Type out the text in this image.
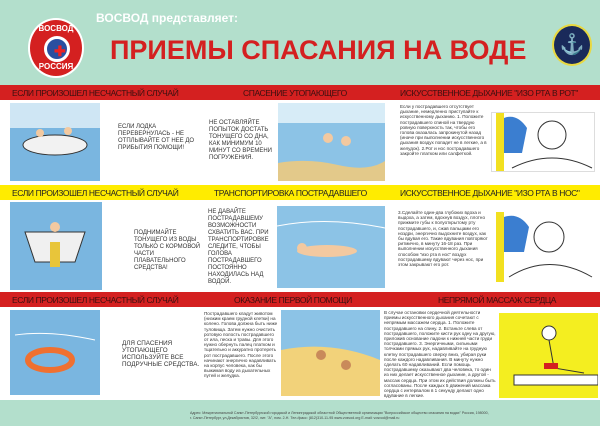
ВОСВОД
✚
РОССИЯ
ВОСВОД представляет:
ПРИЕМЫ СПАСАНИЯ НА ВОДЕ	⚓
ЕСЛИ ПРОИЗОШЕЛ НЕСЧАСТНЫЙ СЛУЧАЙ	СПАСЕНИЕ УТОПАЮЩЕГО	ИСКУССТВЕННОЕ ДЫХАНИЕ "ИЗО РТА В РОТ"
ЕСЛИ ПРОИЗОШЕЛ НЕСЧАСТНЫЙ СЛУЧАЙ	ТРАНСПОРТИРОВКА ПОСТРАДАВШЕГО	ИСКУССТВЕННОЕ ДЫХАНИЕ "ИЗО РТА В НОС"
ЕСЛИ ПРОИЗОШЕЛ НЕСЧАСТНЫЙ СЛУЧАЙ	ОКАЗАНИЕ ПЕРВОЙ ПОМОЩИ	НЕПРЯМОЙ МАССАЖ СЕРДЦА
ЕСЛИ ЛОДКА ПЕРЕВЕРНУЛАСЬ - НЕ ОТПЛЫВАЙТЕ ОТ НЕЕ ДО ПРИБЫТИЯ ПОМОЩИ!
НЕ ОСТАВЛЯЙТЕ ПОПЫТОК ДОСТАТЬ ТОНУЩЕГО СО ДНА, КАК МИНИМУМ 10 МИНУТ СО ВРЕМЕНИ ПОГРУЖЕНИЯ.
Если у пострадавшего отсутствует дыхание, немедленно приступайте к искусственному дыханию. 1. Положите пострадавшего спиной на твердую ровную поверхность так, чтобы его голова оказалась запрокинутой назад (иначе при выполнении искусственного дыхания воздух попадет не в легкие, а в желудок). 2.Рот и нос пострадавшего закройте платком или салфеткой.
ПОДНИМАЙТЕ ТОНУЩЕГО ИЗ ВОДЫ ТОЛЬКО С КОРМОВОЙ ЧАСТИ ПЛАВАТЕЛЬНОГО СРЕДСТВА!
НЕ ДАВАЙТЕ ПОСТРАДАВШЕМУ ВОЗМОЖНОСТИ СХВАТИТЬ ВАС. ПРИ ТРАНСПОРТИРОВКЕ СЛЕДИТЕ, ЧТОБЫ ГОЛОВА ПОСТРАДАВШЕГО ПОСТОЯННО НАХОДИЛАСЬ НАД ВОДОЙ.
3.Сделайте один-два глубоких вдоха и выдоха, а затем, вдохнув воздух, плотно прижмите губы к полуоткрытому рту пострадавшего, и, сжав пальцами его ноздри, энергично выдохните воздух, как бы вдувая его. Такие вдувания повторяют ритмично, в минуту 16-18 раз. При выполнении искусственного дыхания способом "изо рта в нос" воздух пострадавшему вдувают через нос, при этом закрывают его рот.
ДЛЯ СПАСЕНИЯ УТОПАЮЩЕГО ИСПОЛЬЗУЙТЕ ВСЕ ПОДРУЧНЫЕ СРЕДСТВА.
Пострадавшего кладут животом (низким краем грудной клетки) на колено. Голова должна быть ниже туловища. Затем нужно очистить ротовую полость пострадавшего от ила, песка и травы. Для этого нужно обернуть палец платком и тщательно и аккуратно протереть рот пострадавшего. После этого начинают энергично надавливать на корпус человека, как бы выжимая воду из дыхательных путей и желудка.
В случае остановки сердечной деятельности приемы искусственного дыхания сочетают с непрямым массажем сердца. 1. Положите пострадавшего на спину. 2. Встаньте слева от пострадавшего, положите кисти рук одну на другую, приложив основание ладони к нижней части груди пострадавшего. 3. Энергичными, сильными толчками прямых рук, надавливайте на грудную клетку пострадавшего сверху вниз, убирая руки после каждого надавливания. В минуту нужно сделать 60 надавливаний. Если помощь пострадавшему оказывают два человека, то один из них делает искусственное дыхание, а другой - массаж сердца. При этом их действия должны быть согласованы. После каждых 5 движений массажа сердца с интервалом в 1 секунду делают одно вдувание в легкие.
Адрес: Межрегиональной Санкт-Петербургской городской и Ленинградской областной Общественной организации "Всероссийское общество спасания на водах" Россия, 198000, г. Санкт-Петербург, ул.Декабристов, 32/2, лит. "А", пом. 2-Н. Тел./факс: (812)310-11-95 www.vosvod.org E-mail: vosvod@mail.ru
